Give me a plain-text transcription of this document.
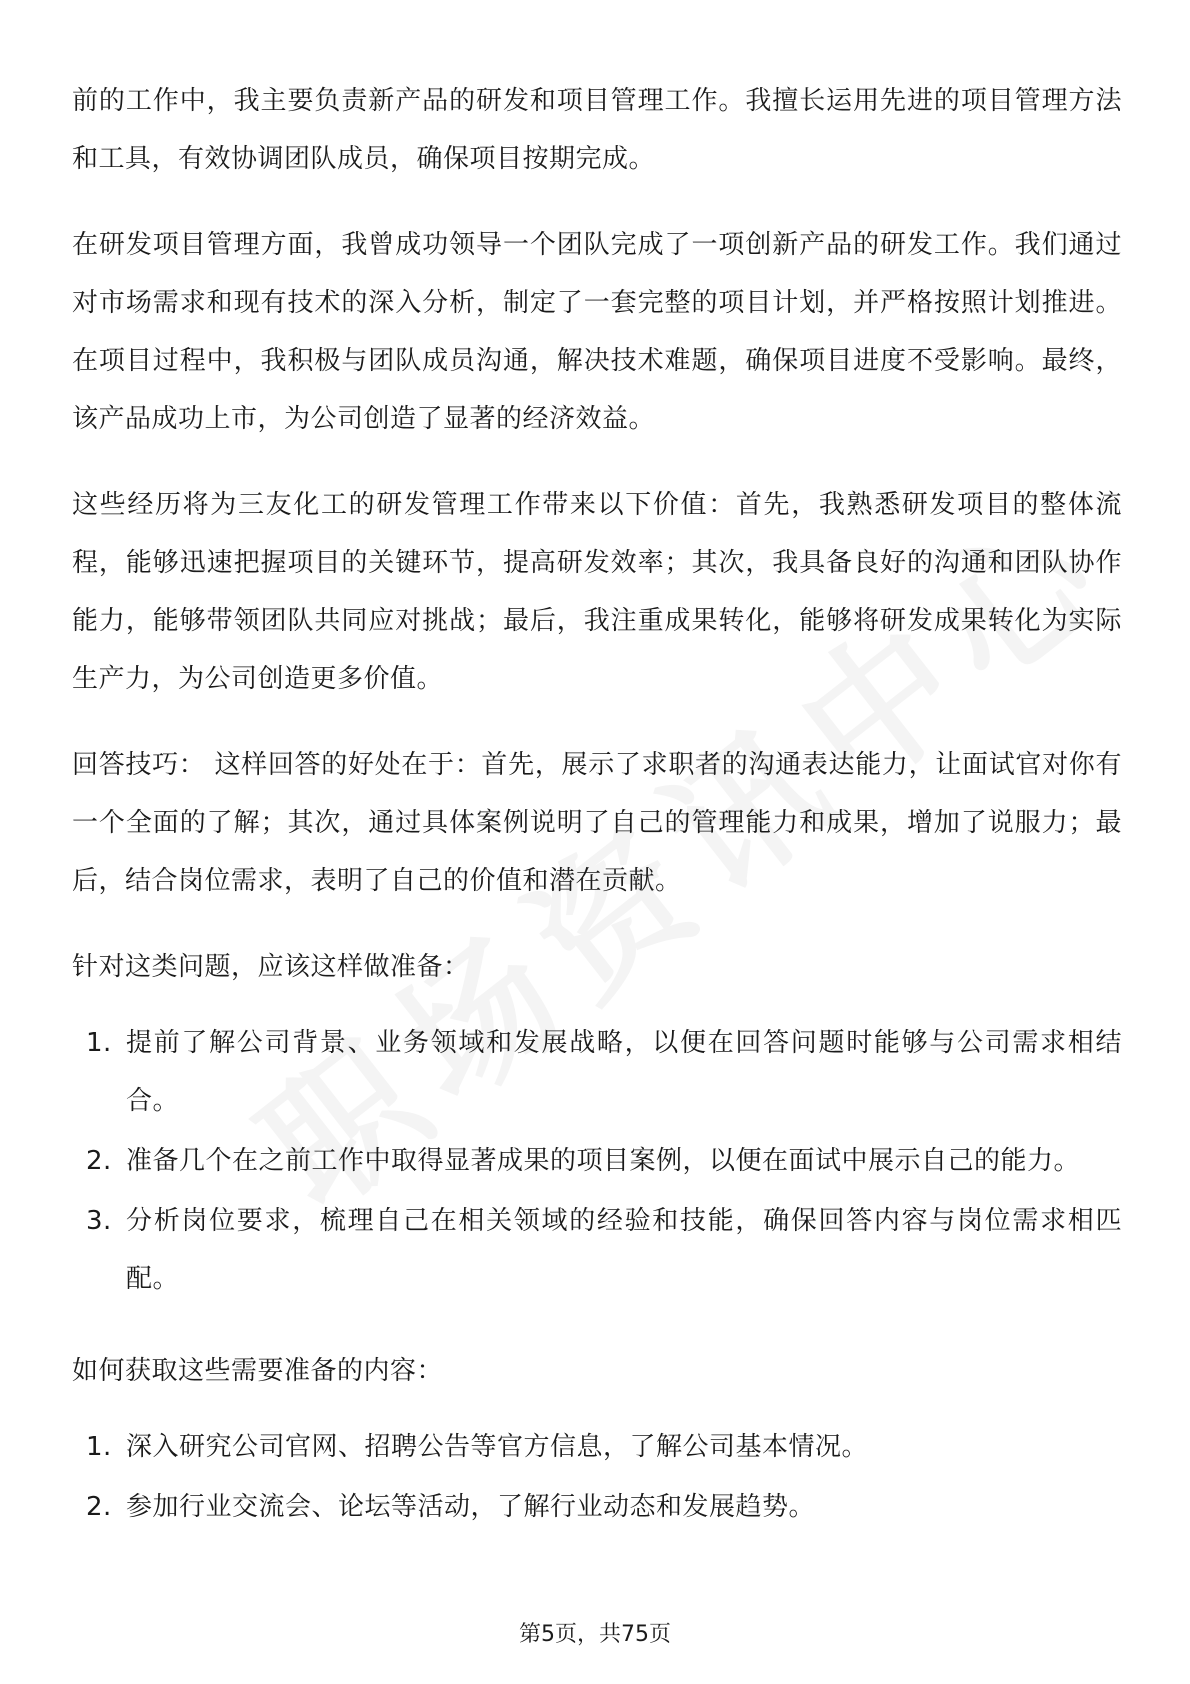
前的工作中，我主要负责新产品的研发和项目管理工作。我擅长运用先进的项目管理方法和工具，有效协调团队成员，确保项目按期完成。

在研发项目管理方面，我曾成功领导一个团队完成了一项创新产品的研发工作。我们通过对市场需求和现有技术的深入分析，制定了一套完整的项目计划，并严格按照计划推进。在项目过程中，我积极与团队成员沟通，解决技术难题，确保项目进度不受影响。最终，该产品成功上市，为公司创造了显著的经济效益。

这些经历将为三友化工的研发管理工作带来以下价值：首先，我熟悉研发项目的整体流程，能够迅速把握项目的关键环节，提高研发效率；其次，我具备良好的沟通和团队协作能力，能够带领团队共同应对挑战；最后，我注重成果转化，能够将研发成果转化为实际生产力，为公司创造更多价值。

回答技巧： 这样回答的好处在于：首先，展示了求职者的沟通表达能力，让面试官对你有一个全面的了解；其次，通过具体案例说明了自己的管理能力和成果，增加了说服力；最后，结合岗位需求，表明了自己的价值和潜在贡献。

针对这类问题，应该这样做准备：

1. 提前了解公司背景、业务领域和发展战略，以便在回答问题时能够与公司需求相结合。
2. 准备几个在之前工作中取得显著成果的项目案例，以便在面试中展示自己的能力。
3. 分析岗位要求，梳理自己在相关领域的经验和技能，确保回答内容与岗位需求相匹配。

如何获取这些需要准备的内容：

1. 深入研究公司官网、招聘公告等官方信息，了解公司基本情况。
2. 参加行业交流会、论坛等活动，了解行业动态和发展趋势。
第5页，共75页
